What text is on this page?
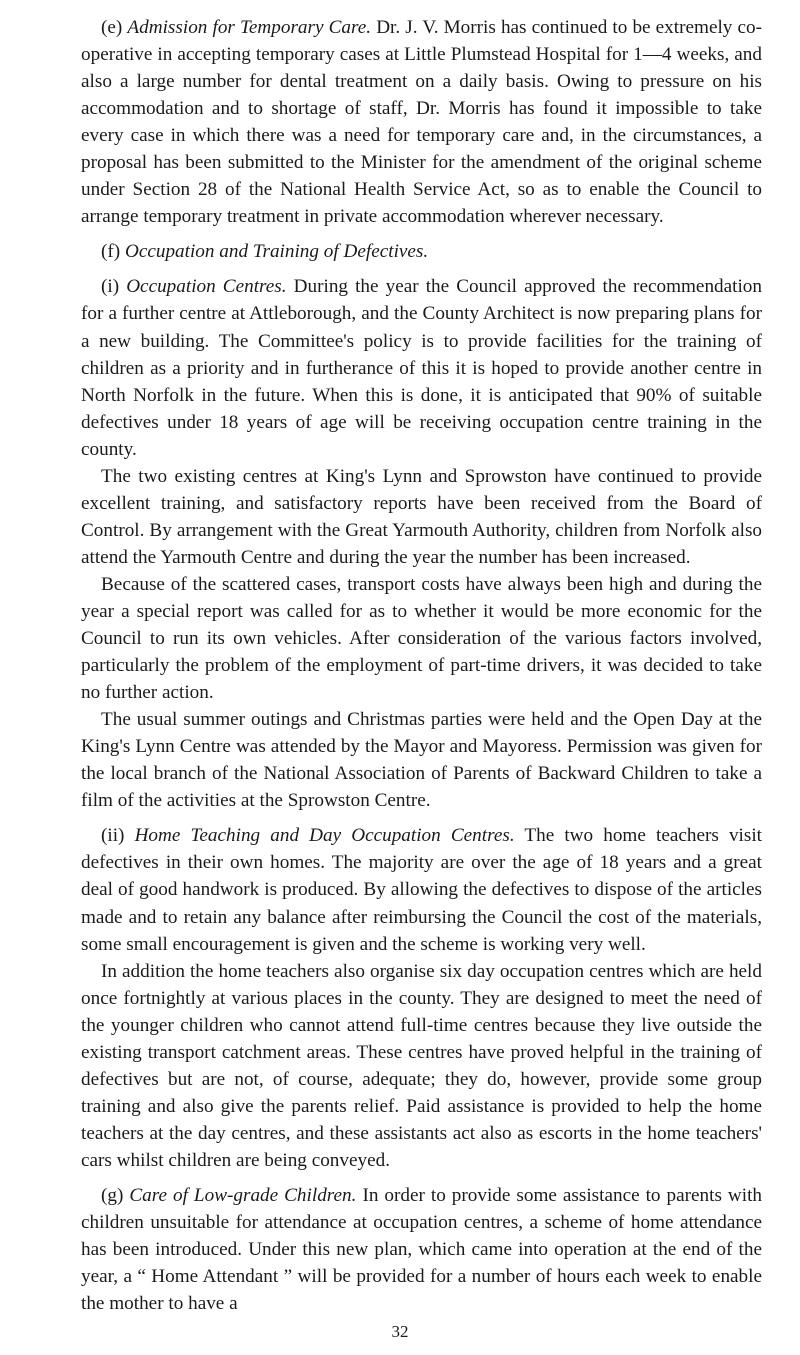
(e) Admission for Temporary Care. Dr. J. V. Morris has continued to be extremely co-operative in accepting temporary cases at Little Plumstead Hospital for 1—4 weeks, and also a large number for dental treatment on a daily basis. Owing to pressure on his accommodation and to shortage of staff, Dr. Morris has found it impossible to take every case in which there was a need for temporary care and, in the circumstances, a proposal has been submitted to the Minister for the amendment of the original scheme under Section 28 of the National Health Service Act, so as to enable the Council to arrange temporary treatment in private accommodation wherever necessary.

(f) Occupation and Training of Defectives.

(i) Occupation Centres. During the year the Council approved the recommendation for a further centre at Attleborough, and the County Architect is now preparing plans for a new building. The Committee's policy is to provide facilities for the training of children as a priority and in furtherance of this it is hoped to provide another centre in North Norfolk in the future. When this is done, it is anticipated that 90% of suitable defectives under 18 years of age will be receiving occupation centre training in the county.

The two existing centres at King's Lynn and Sprowston have continued to provide excellent training, and satisfactory reports have been received from the Board of Control. By arrangement with the Great Yarmouth Authority, children from Norfolk also attend the Yarmouth Centre and during the year the number has been increased.

Because of the scattered cases, transport costs have always been high and during the year a special report was called for as to whether it would be more economic for the Council to run its own vehicles. After consideration of the various factors involved, particularly the problem of the employment of part-time drivers, it was decided to take no further action.

The usual summer outings and Christmas parties were held and the Open Day at the King's Lynn Centre was attended by the Mayor and Mayoress. Permission was given for the local branch of the National Association of Parents of Backward Children to take a film of the activities at the Sprowston Centre.

(ii) Home Teaching and Day Occupation Centres. The two home teachers visit defectives in their own homes. The majority are over the age of 18 years and a great deal of good handwork is produced. By allowing the defectives to dispose of the articles made and to retain any balance after reimbursing the Council the cost of the materials, some small encouragement is given and the scheme is working very well.

In addition the home teachers also organise six day occupation centres which are held once fortnightly at various places in the county. They are designed to meet the need of the younger children who cannot attend full-time centres because they live outside the existing transport catchment areas. These centres have proved helpful in the training of defectives but are not, of course, adequate; they do, however, provide some group training and also give the parents relief. Paid assistance is provided to help the home teachers at the day centres, and these assistants act also as escorts in the home teachers' cars whilst children are being conveyed.

(g) Care of Low-grade Children. In order to provide some assistance to parents with children unsuitable for attendance at occupation centres, a scheme of home attendance has been introduced. Under this new plan, which came into operation at the end of the year, a “ Home Attendant ” will be provided for a number of hours each week to enable the mother to have a

32
